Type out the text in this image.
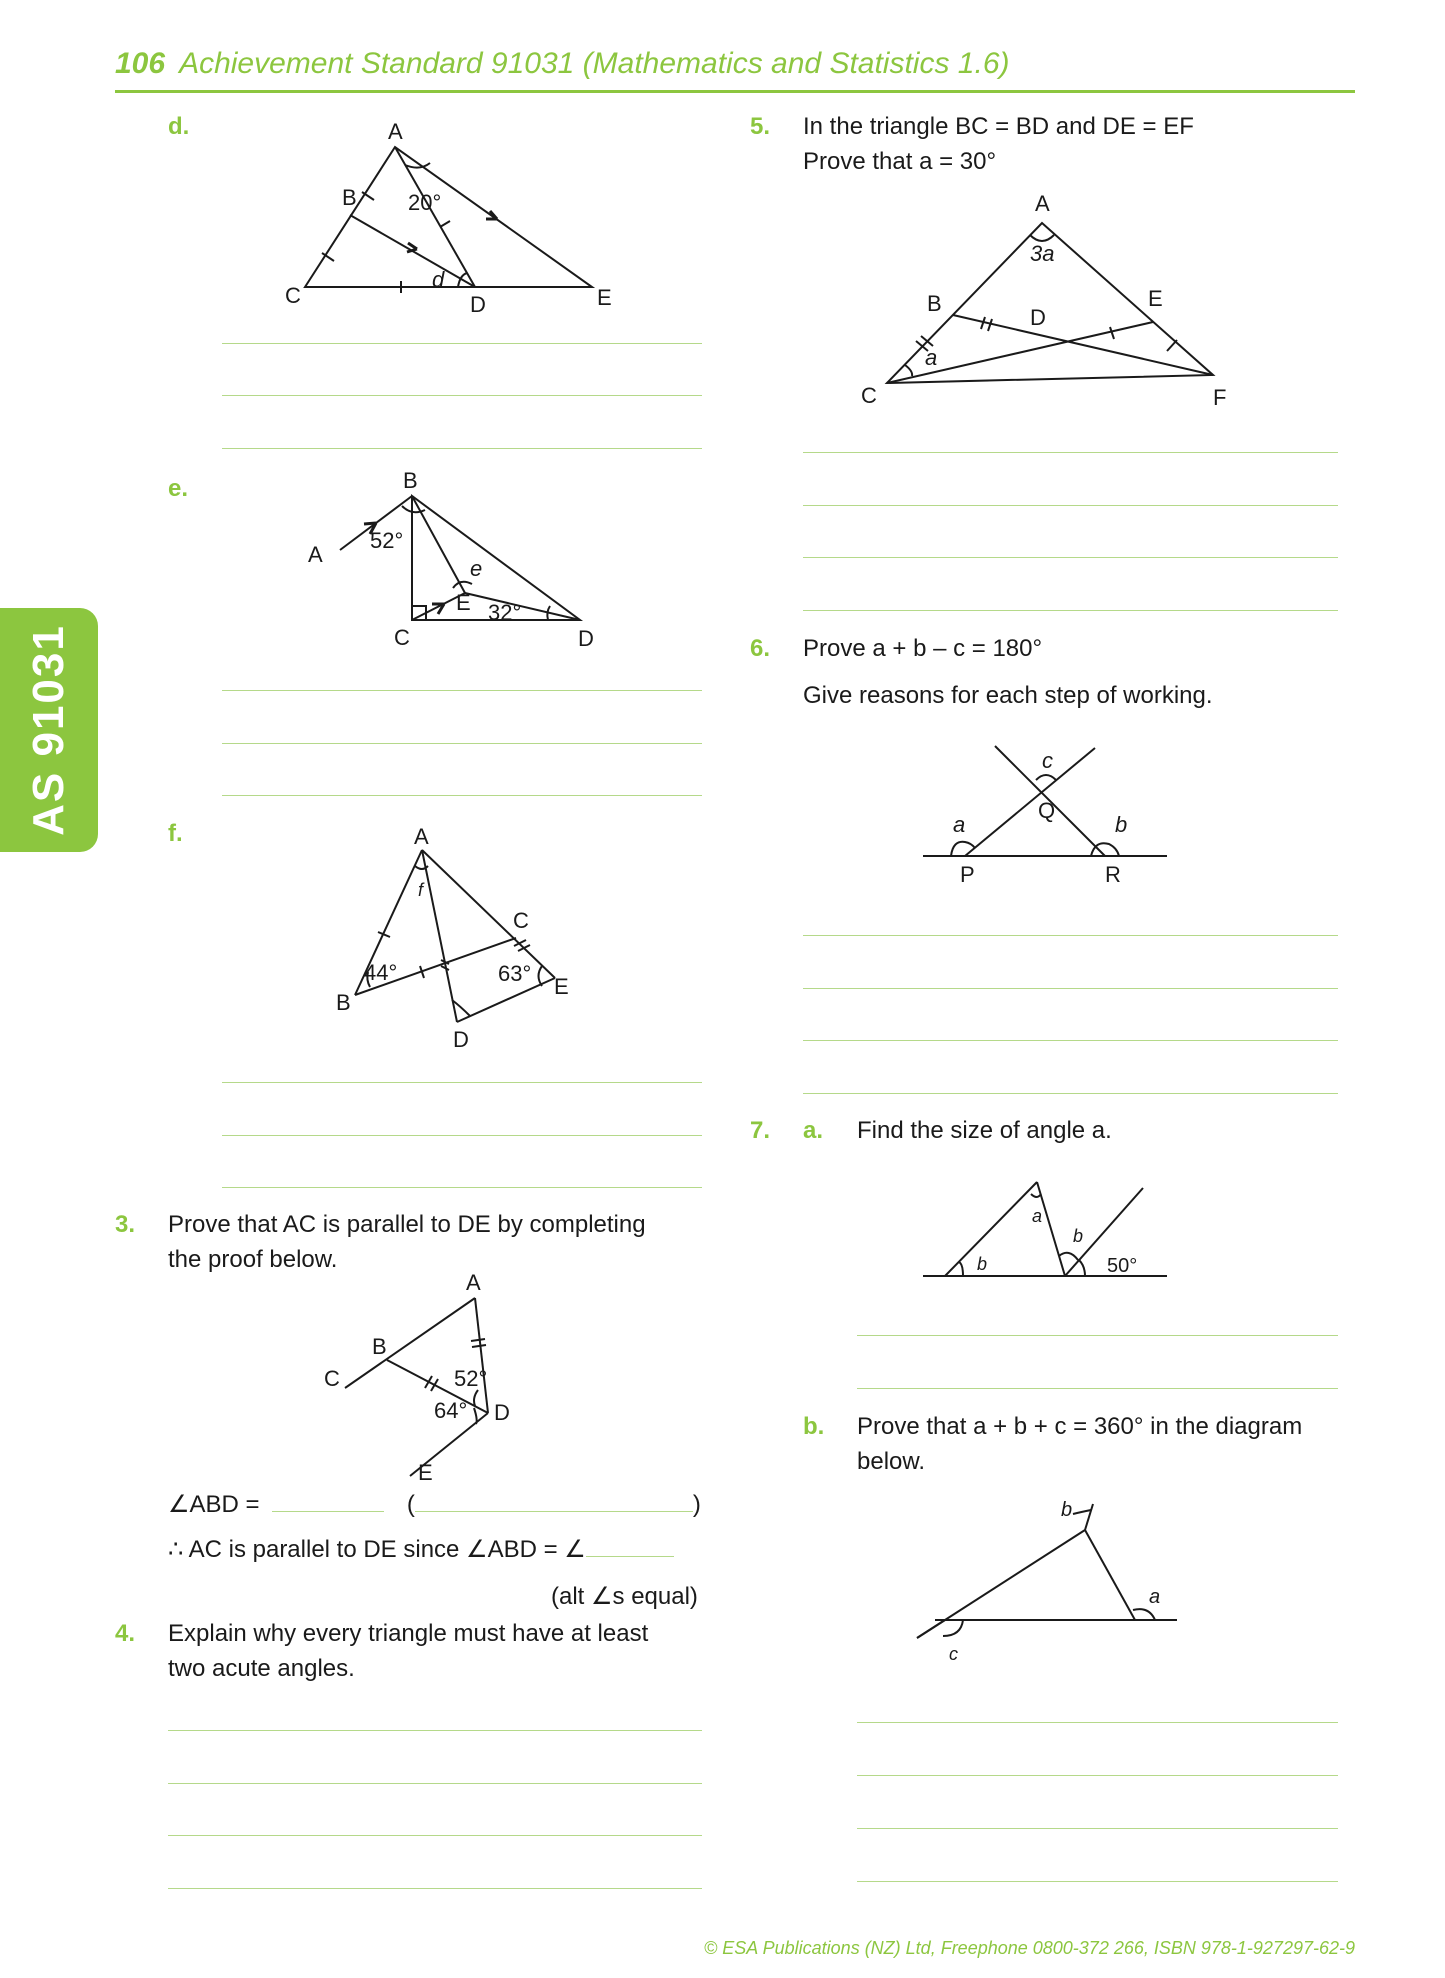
106 Achievement Standard 91031 (Mathematics and Statistics 1.6)
AS 91031
d.	A
B
C	D	E
20°
d
e.
A
B
C	D
E
52°
e
32°
f.	A
B
C
D
E
f
44°	63°
3. Prove that AC is parallel to DE by completing
the proof below.
A
B
C
D
E
52°
64°
∠ABD =	(	)
∴ AC is parallel to DE since ∠ABD = ∠
(alt ∠s equal)
4. Explain why every triangle must have at least
two acute angles.
5. In the triangle BC = BD and DE = EF
Prove that a = 30°
A
B
C
D
E
F
3a
a
6. Prove a + b – c = 180°
Give reasons for each step of working.
P
Q
R
a	b
c
7. a. Find the size of angle a.
a
b
b
50°
b. Prove that a + b + c = 360° in the diagram
below.
a
b
c
© ESA Publications (NZ) Ltd, Freephone 0800-372 266, ISBN 978-1-927297-62-9
